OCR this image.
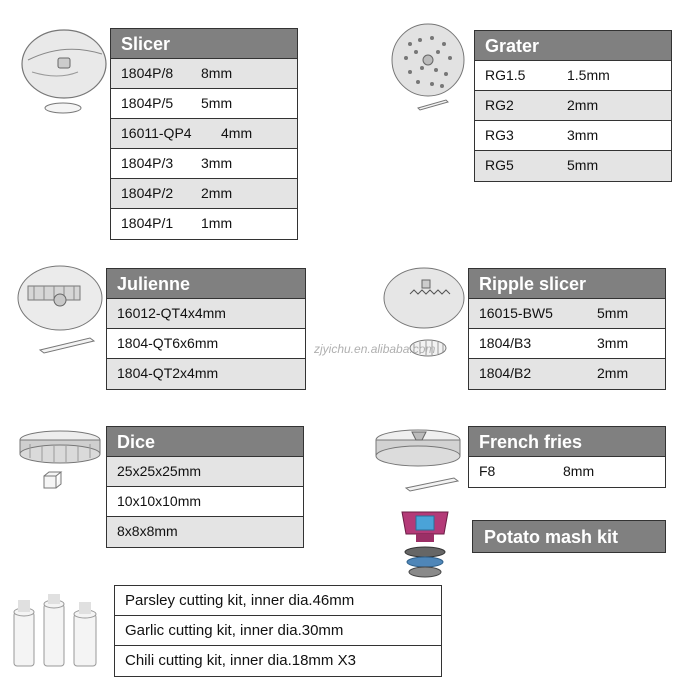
zjyichu.en.alibaba.com
Slicer
1804P/8 8mm
1804P/5 5mm
16011-QP4 4mm
1804P/3 3mm
1804P/2 2mm
1804P/1 1mm
Grater
RG1.5	1.5mm
RG2	2mm
RG3	3mm
RG5	5mm
Julienne
16012-QT4x4mm
1804-QT6x6mm
1804-QT2x4mm
Ripple slicer
16015-BW5	5mm
1804/B3	3mm
1804/B2	2mm
Dice
25x25x25mm
10x10x10mm
8x8x8mm
French fries
F8	8mm
Potato mash kit
Parsley cutting kit, inner dia.46mm
Garlic cutting kit, inner dia.30mm
Chili cutting kit, inner dia.18mm X3
